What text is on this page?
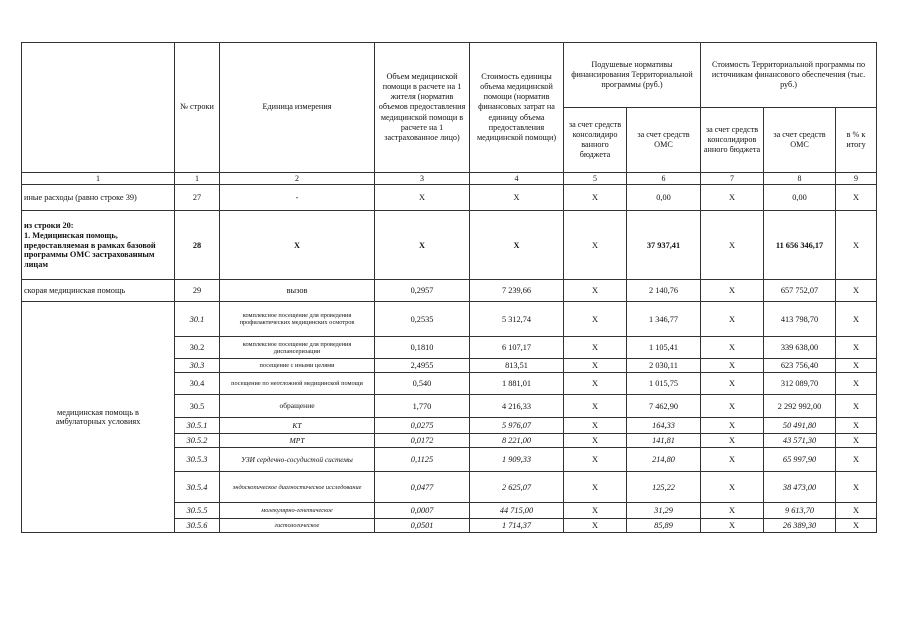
	№ строки	Единица измерения	Объем медицинской помощи в расчете на 1 жителя (норматив объемов предоставления медицинской помощи в расчете на 1 застрахованное лицо)	Стоимость единицы объема медицинской помощи (норматив финансовых затрат на единицу объема предоставления медицинской помощи)	Подушевые нормативы финансирования Территориальной программы (руб.)		Стоимость Территориальной программы по источникам финансового обеспечения (тыс. руб.)		
					за счет средств консолидиро ванного бюджета	за счет средств ОМС	за счет средств консолидиров анного бюджета	за счет средств ОМС	в % к итогу
1	1	2	3	4	5	6	7	8	9
иные расходы (равно строке 39)	27	-	Х	Х	Х	0,00	Х	0,00	Х

из строки 20:
1. Медицинская помощь, предоставляемая в рамках базовой программы ОМС застрахованным лицам	28	Х	Х	Х	Х	37 937,41	Х	11 656 346,17	Х
скорая медицинская помощь	29	вызов	0,2957	7 239,66	Х	2 140,76	Х	657 752,07	Х
медицинская помощь в амбулаторных условиях	30.1	комплексное посещение для проведения профилактических медицинских осмотров	0,2535	5 312,74	Х	1 346,77	Х	413 798,70	Х
	30.2	комплексное посещение для проведения диспансеризации	0,1810	6 107,17	Х	1 105,41	Х	339 638,00	Х
	30.3	посещение с иными целями	2,4955	813,51	Х	2 030,11	Х	623 756,40	Х
	30.4	посещение по неотложной медицинской помощи	0,540	1 881,01	Х	1 015,75	Х	312 089,70	Х
	30.5	обращение	1,770	4 216,33	Х	7 462,90	Х	2 292 992,00	Х
	30.5.1	КТ	0,0275	5 976,07	Х	164,33	Х	50 491,80	Х
	30.5.2	МРТ	0,0172	8 221,00	Х	141,81	Х	43 571,30	Х
	30.5.3	УЗИ сердечно-сосудистой системы	0,1125	1 909,33	Х	214,80	Х	65 997,90	Х
	30.5.4	эндоскопическое диагностическое исследование	0,0477	2 625,07	Х	125,22	Х	38 473,00	Х
	30.5.5	молекулярно-генетическое	0,0007	44 715,00	Х	31,29	Х	9 613,70	Х
	30.5.6	гистологическое	0,0501	1 714,37	Х	85,89	Х	26 389,30	Х
